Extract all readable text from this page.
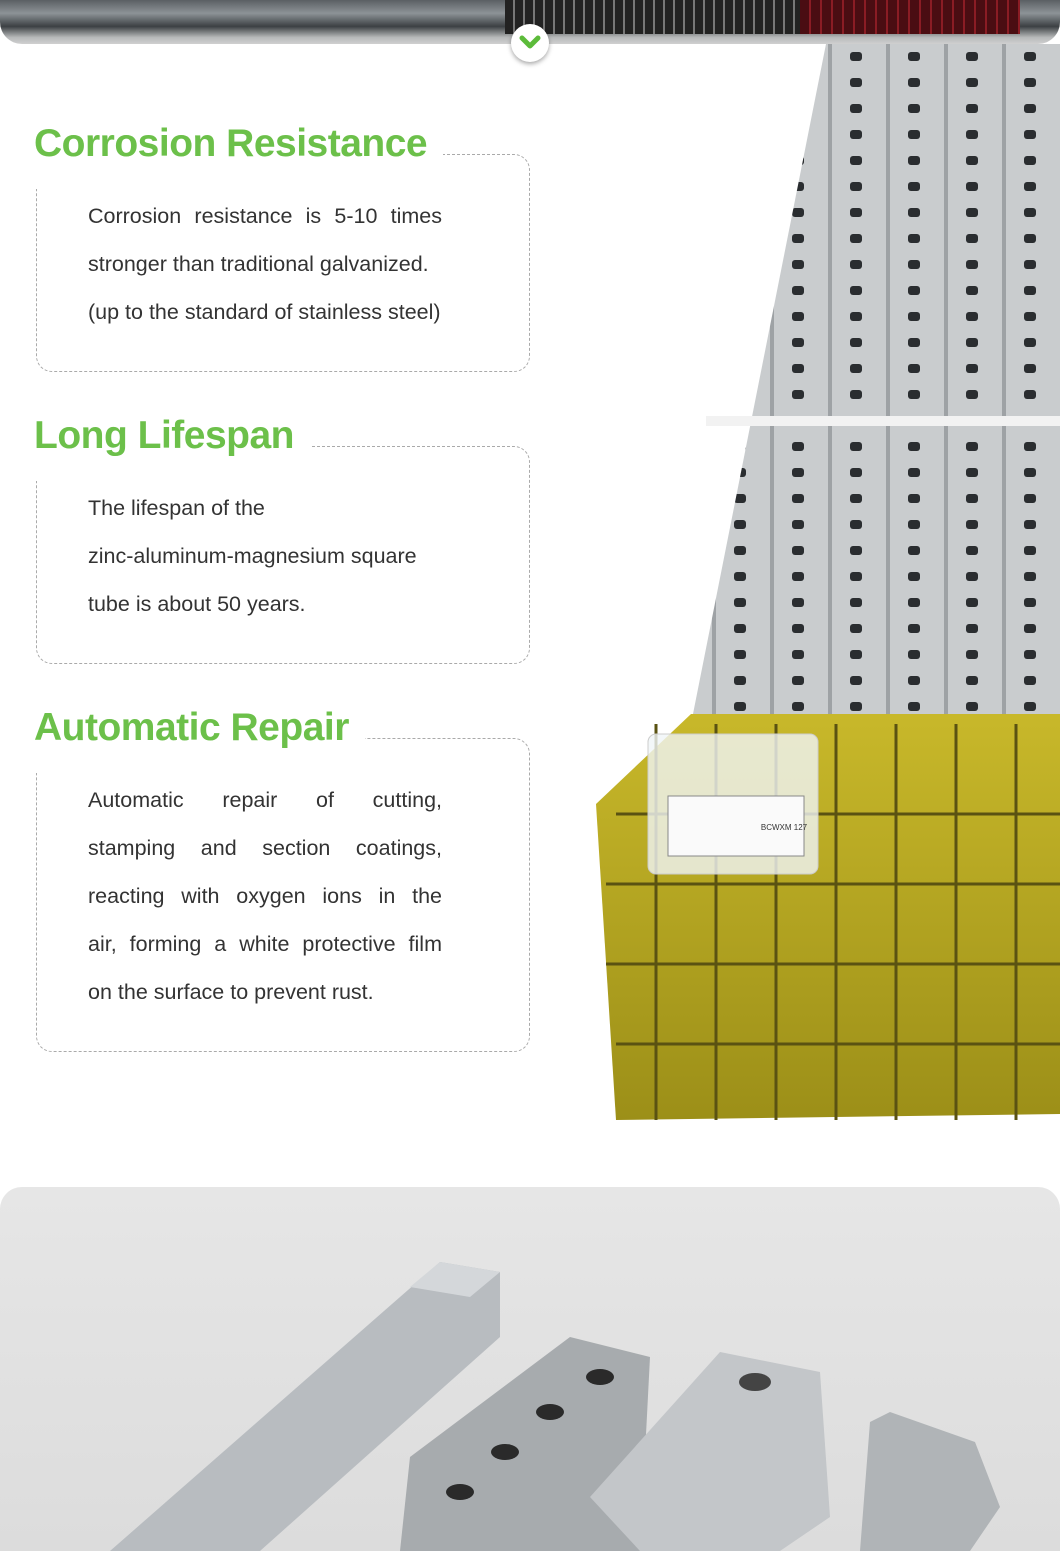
Corrosion Resistance
Corrosion resistance is 5-10 times
stronger than traditional galvanized.
(up to the standard of stainless steel)
Long Lifespan
The lifespan of the
zinc-aluminum-magnesium square
tube is about 50 years.
Automatic Repair
Automatic repair of cutting,
stamping and section coatings,
reacting with oxygen ions in the
air, forming a white protective film
on the surface to prevent rust.
BCWXM 127
